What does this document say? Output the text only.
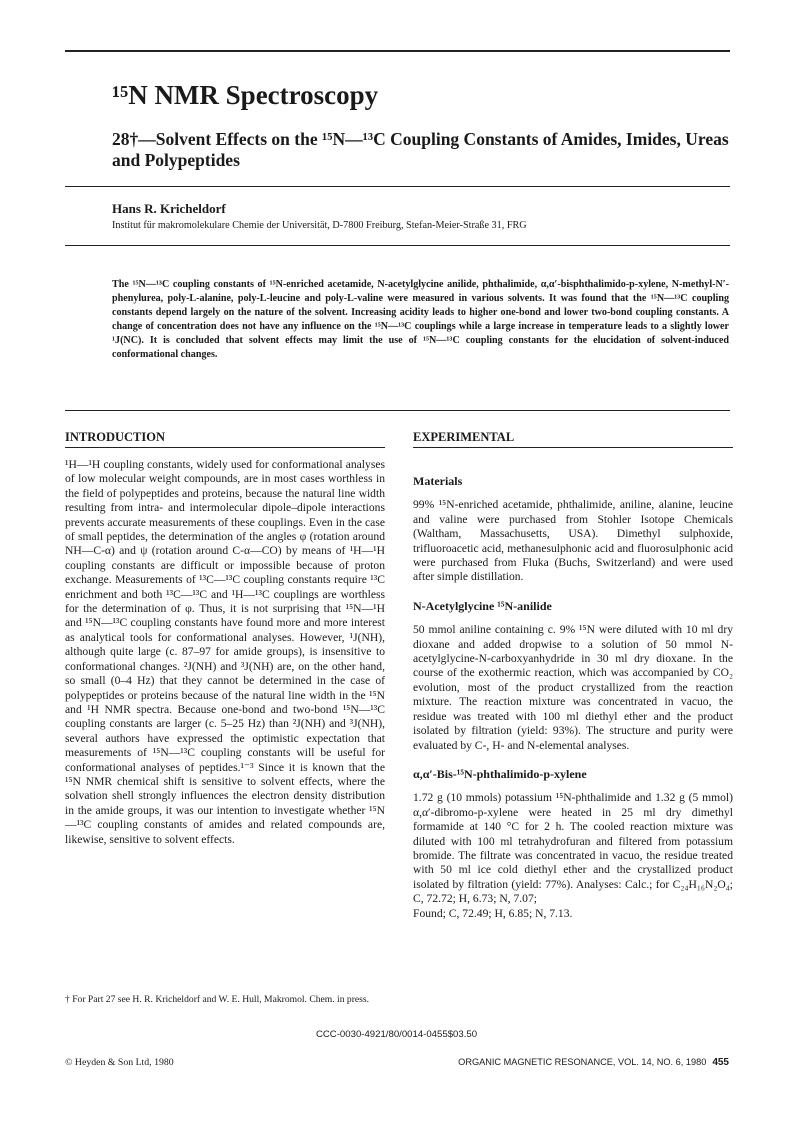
¹⁵N NMR Spectroscopy
28†—Solvent Effects on the ¹⁵N—¹³C Coupling Constants of Amides, Imides, Ureas and Polypeptides
Hans R. Kricheldorf
Institut für makromolekulare Chemie der Universität, D-7800 Freiburg, Stefan-Meier-Straße 31, FRG
The ¹⁵N—¹³C coupling constants of ¹⁵N-enriched acetamide, N-acetylglycine anilide, phthalimide, α,α′-bisphthalimido-p-xylene, N-methyl-N′-phenylurea, poly-L-alanine, poly-L-leucine and poly-L-valine were measured in various solvents. It was found that the ¹⁵N—¹³C coupling constants depend largely on the nature of the solvent. Increasing acidity leads to higher one-bond and lower two-bond coupling constants. A change of concentration does not have any influence on the ¹⁵N—¹³C couplings while a large increase in temperature leads to a slightly lower ¹J(NC). It is concluded that solvent effects may limit the use of ¹⁵N—¹³C coupling constants for the elucidation of solvent-induced conformational changes.
INTRODUCTION

¹H—¹H coupling constants, widely used for conformational analyses of low molecular weight compounds, are in most cases worthless in the field of polypeptides and proteins, because the natural line width resulting from intra- and intermolecular dipole–dipole interactions prevents accurate measurements of these couplings. Even in the case of small peptides, the determination of the angles φ (rotation around NH—C-α) and ψ (rotation around C-α—CO) by means of ¹H—¹H coupling constants are difficult or impossible because of proton exchange. Measurements of ¹³C—¹³C coupling constants require ¹³C enrichment and both ¹³C—¹³C and ¹H—¹³C couplings are worthless for the determination of φ. Thus, it is not surprising that ¹⁵N—¹H and ¹⁵N—¹³C coupling constants have found more and more interest as analytical tools for conformational analyses. However, ¹J(NH), although quite large (c. 87–97 for amide groups), is insensitive to conformational changes. ²J(NH) and ³J(NH) are, on the other hand, so small (0–4 Hz) that they cannot be determined in the case of polypeptides or proteins because of the natural line width in the ¹⁵N and ¹H NMR spectra. Because one-bond and two-bond ¹⁵N—¹³C coupling constants are larger (c. 5–25 Hz) than ²J(NH) and ³J(NH), several authors have expressed the optimistic expectation that measurements of ¹⁵N—¹³C coupling constants will be useful for conformational analyses of peptides.¹⁻³ Since it is known that the ¹⁵N NMR chemical shift is sensitive to solvent effects, where the solvation shell strongly influences the electron density distribution in the amide groups, it was our intention to investigate whether ¹⁵N—¹³C coupling constants of amides and related compounds are, likewise, sensitive to solvent effects.

† For Part 27 see H. R. Kricheldorf and W. E. Hull, Makromol. Chem. in press.
EXPERIMENTAL

Materials

99% ¹⁵N-enriched acetamide, phthalimide, aniline, alanine, leucine and valine were purchased from Stohler Isotope Chemicals (Waltham, Massachusetts, USA). Dimethyl sulphoxide, trifluoroacetic acid, methanesulphonic acid and fluorosulphonic acid were purchased from Fluka (Buchs, Switzerland) and were used after simple distillation.

N-Acetylglycine ¹⁵N-anilide

50 mmol aniline containing c. 9% ¹⁵N were diluted with 10 ml dry dioxane and added dropwise to a solution of 50 mmol N-acetylglycine-N-carboxyanhydride in 30 ml dry dioxane. In the course of the exothermic reaction, which was accompanied by CO₂ evolution, most of the product crystallized from the reaction mixture. The reaction mixture was concentrated in vacuo, the residue was treated with 100 ml diethyl ether and the product isolated by filtration (yield: 93%). The structure and purity were evaluated by C-, H- and N-elemental analyses.

α,α′-Bis-¹⁵N-phthalimido-p-xylene

1.72 g (10 mmols) potassium ¹⁵N-phthalimide and 1.32 g (5 mmol) α,α′-dibromo-p-xylene were heated in 25 ml dry dimethyl formamide at 140 °C for 2 h. The cooled reaction mixture was diluted with 100 ml tetrahydrofuran and filtered from potassium bromide. The filtrate was concentrated in vacuo, the residue treated with 50 ml ice cold diethyl ether and the crystallized product isolated by filtration (yield: 77%). Analyses: Calc.; for C₂₄H₁₆N₂O₄; C, 72.72; H, 6.73; N, 7.07;

Found; C, 72.49; H, 6.85; N, 7.13.

CCC-0030-4921/80/0014-0455$03.50
© Heyden & Son Ltd, 1980	ORGANIC MAGNETIC RESONANCE, VOL. 14, NO. 6, 1980 455
